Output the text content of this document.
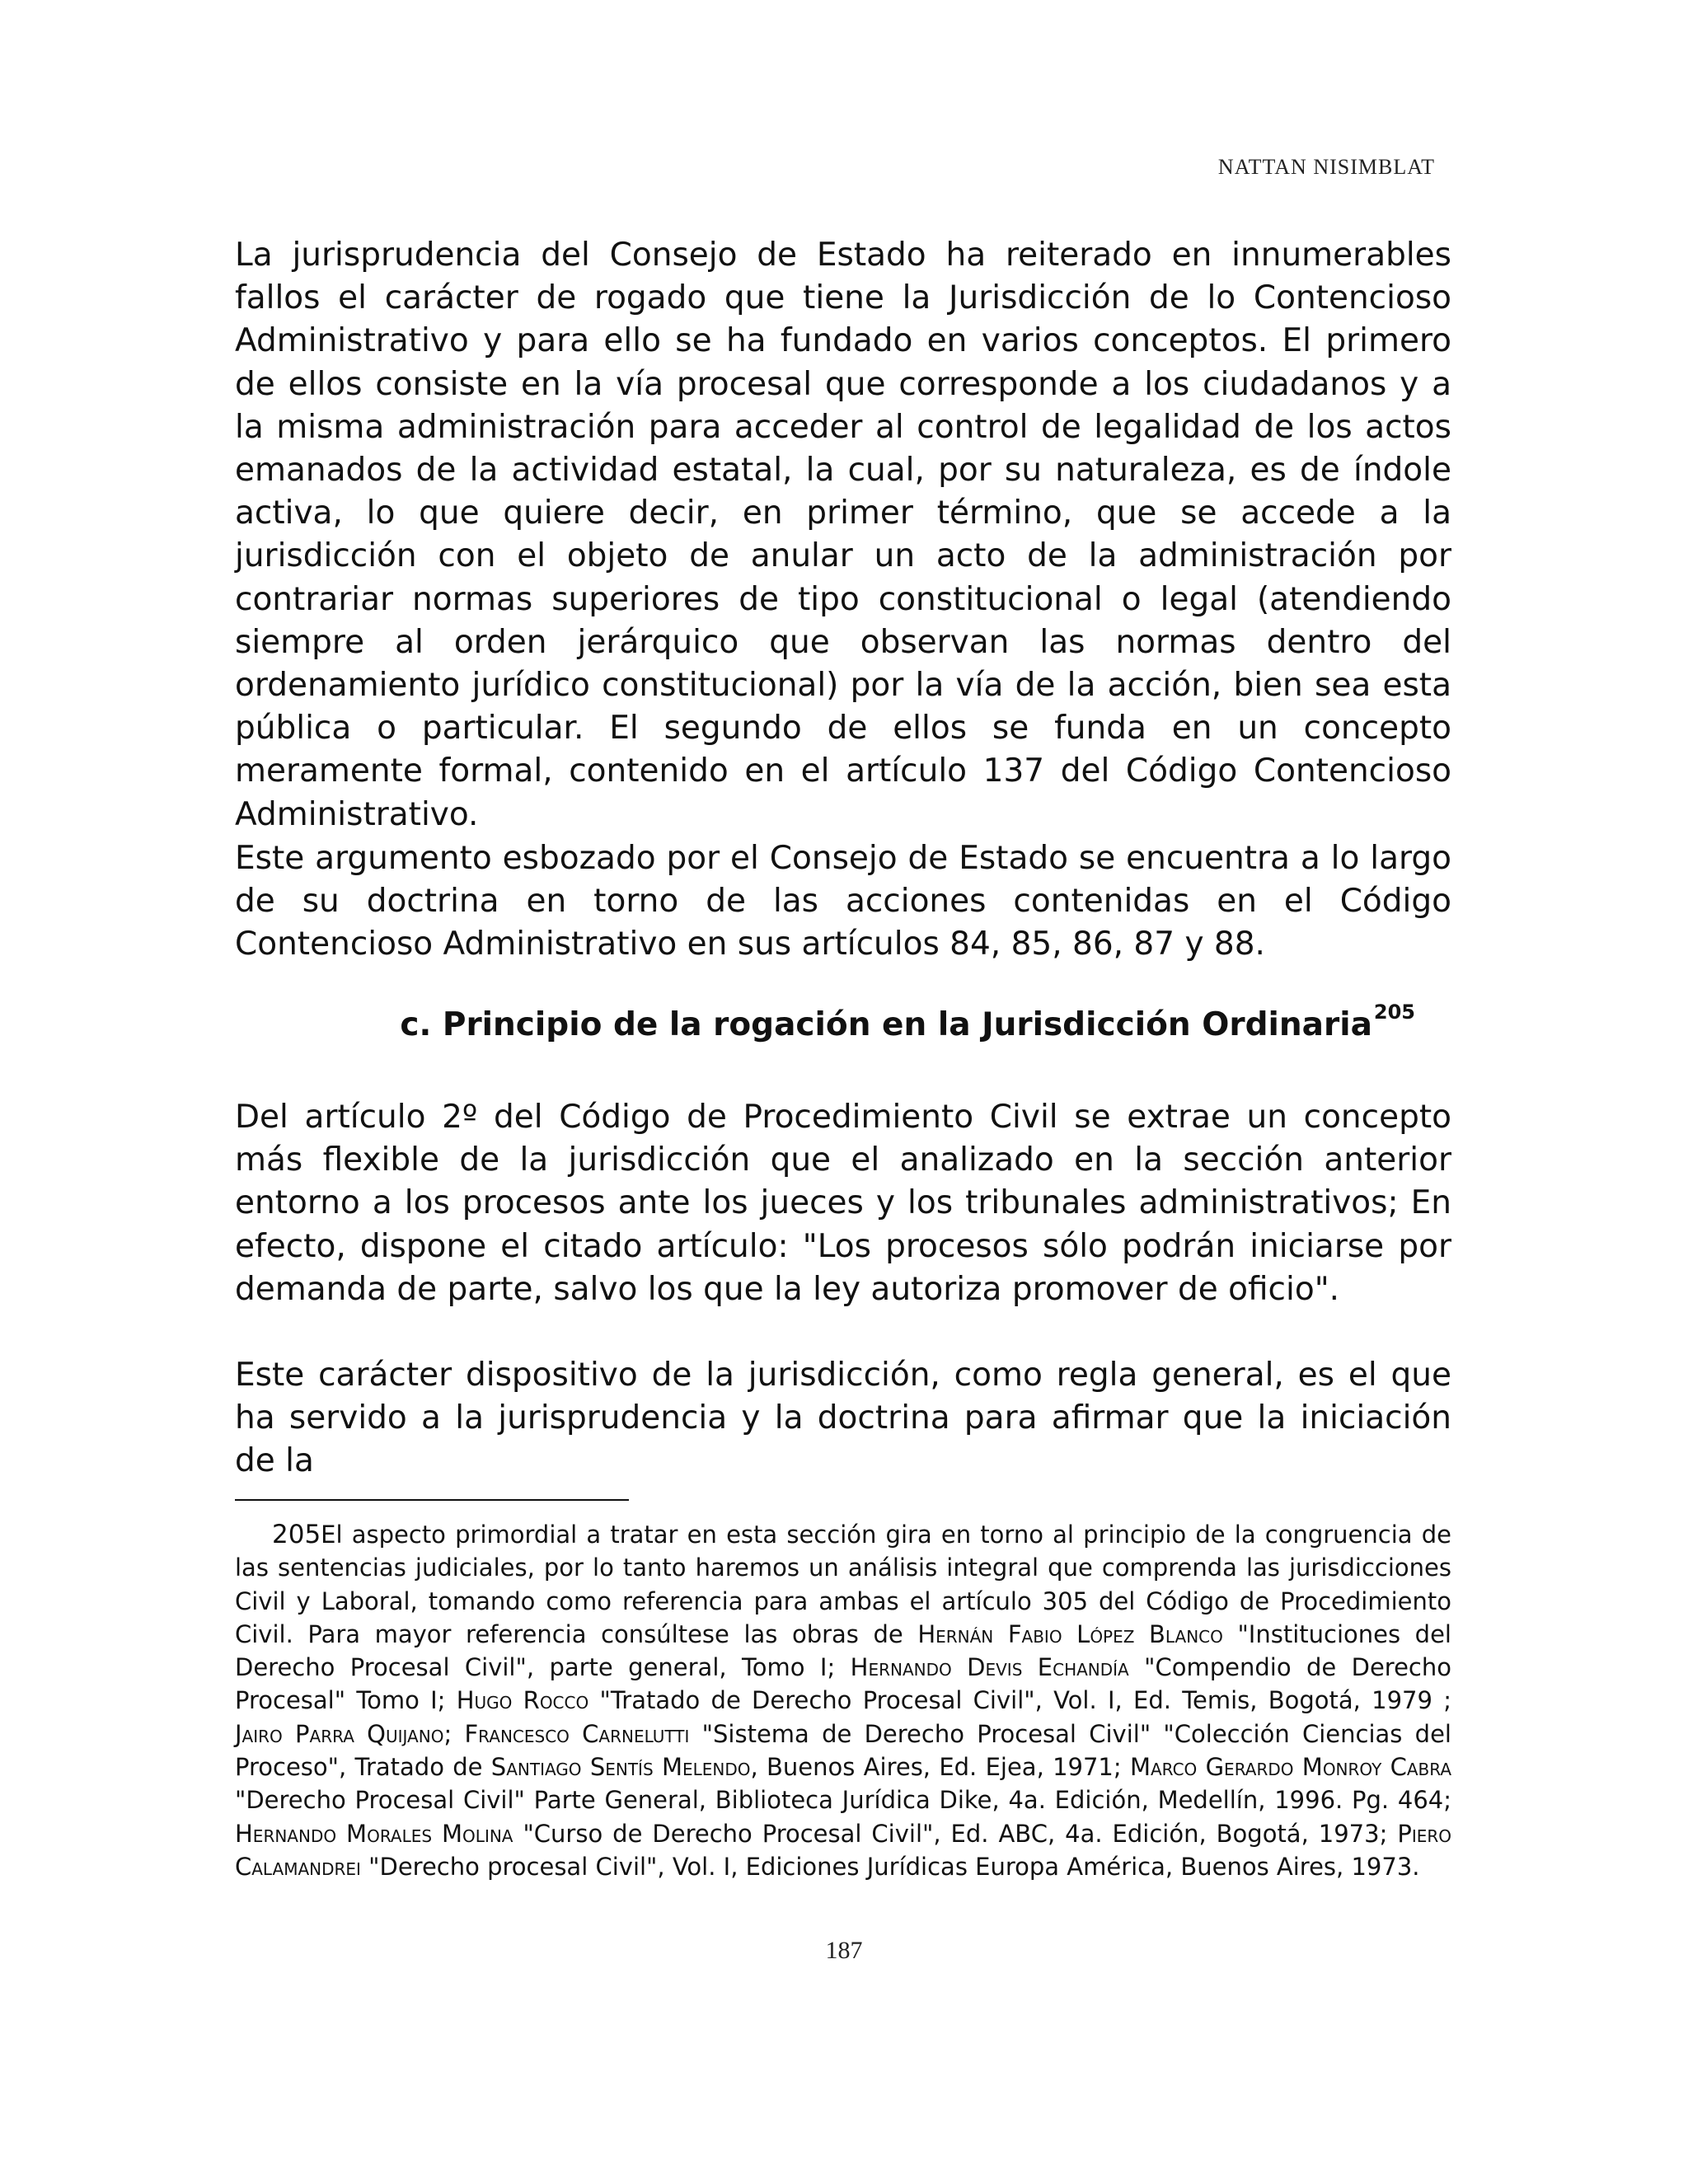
NATTAN NISIMBLAT

La jurisprudencia del Consejo de Estado ha reiterado en innumerables fallos el carácter de rogado que tiene la Jurisdicción de lo Contencioso Administrativo y para ello se ha fundado en varios conceptos. El primero de ellos consiste en la vía procesal que corresponde a los ciudadanos y a la misma administración para acceder al control de legalidad de los actos emanados de la actividad estatal, la cual, por su naturaleza, es de índole activa, lo que quiere decir, en primer término, que se accede a la jurisdicción con el objeto de anular un acto de la administración por contrariar normas superiores de tipo constitucional o legal (atendiendo siempre al orden jerárquico que observan las normas dentro del ordenamiento jurídico constitucional) por la vía de la acción, bien sea esta pública o particular. El segundo de ellos se funda en un concepto meramente formal, contenido en el artículo 137 del Código Contencioso Administrativo.

Este argumento esbozado por el Consejo de Estado se encuentra a lo largo de su doctrina en torno de las acciones contenidas en el Código Contencioso Administrativo en sus artículos 84, 85, 86, 87 y 88.

c. Principio de la rogación en la Jurisdicción Ordinaria$^{205}$

Del artículo 2º del Código de Procedimiento Civil se extrae un concepto más flexible de la jurisdicción que el analizado en la sección anterior entorno a los procesos ante los jueces y los tribunales administrativos; En efecto, dispone el citado artículo: "Los procesos sólo podrán iniciarse por demanda de parte, salvo los que la ley autoriza promover de oficio".

Este carácter dispositivo de la jurisdicción, como regla general, es el que ha servido a la jurisprudencia y la doctrina para afirmar que la iniciación de la

205El aspecto primordial a tratar en esta sección gira en torno al principio de la congruencia de las sentencias judiciales, por lo tanto haremos un análisis integral que comprenda las jurisdicciones Civil y Laboral, tomando como referencia para ambas el artículo 305 del Código de Procedimiento Civil. Para mayor referencia consúltese las obras de Hernán Fabio López Blanco "Instituciones del Derecho Procesal Civil", parte general, Tomo I; Hernando Devis Echandía "Compendio de Derecho Procesal" Tomo I; Hugo Rocco "Tratado de Derecho Procesal Civil", Vol. I, Ed. Temis, Bogotá, 1979 ; Jairo Parra Quijano; Francesco Carnelutti "Sistema de Derecho Procesal Civil" "Colección Ciencias del Proceso", Tratado de Santiago Sentís Melendo, Buenos Aires, Ed. Ejea, 1971; Marco Gerardo Monroy Cabra "Derecho Procesal Civil" Parte General, Biblioteca Jurídica Dike, 4a. Edición, Medellín, 1996. Pg. 464; Hernando Morales Molina "Curso de Derecho Procesal Civil", Ed. ABC, 4a. Edición, Bogotá, 1973; Piero Calamandrei "Derecho procesal Civil", Vol. I, Ediciones Jurídicas Europa América, Buenos Aires, 1973.
187
